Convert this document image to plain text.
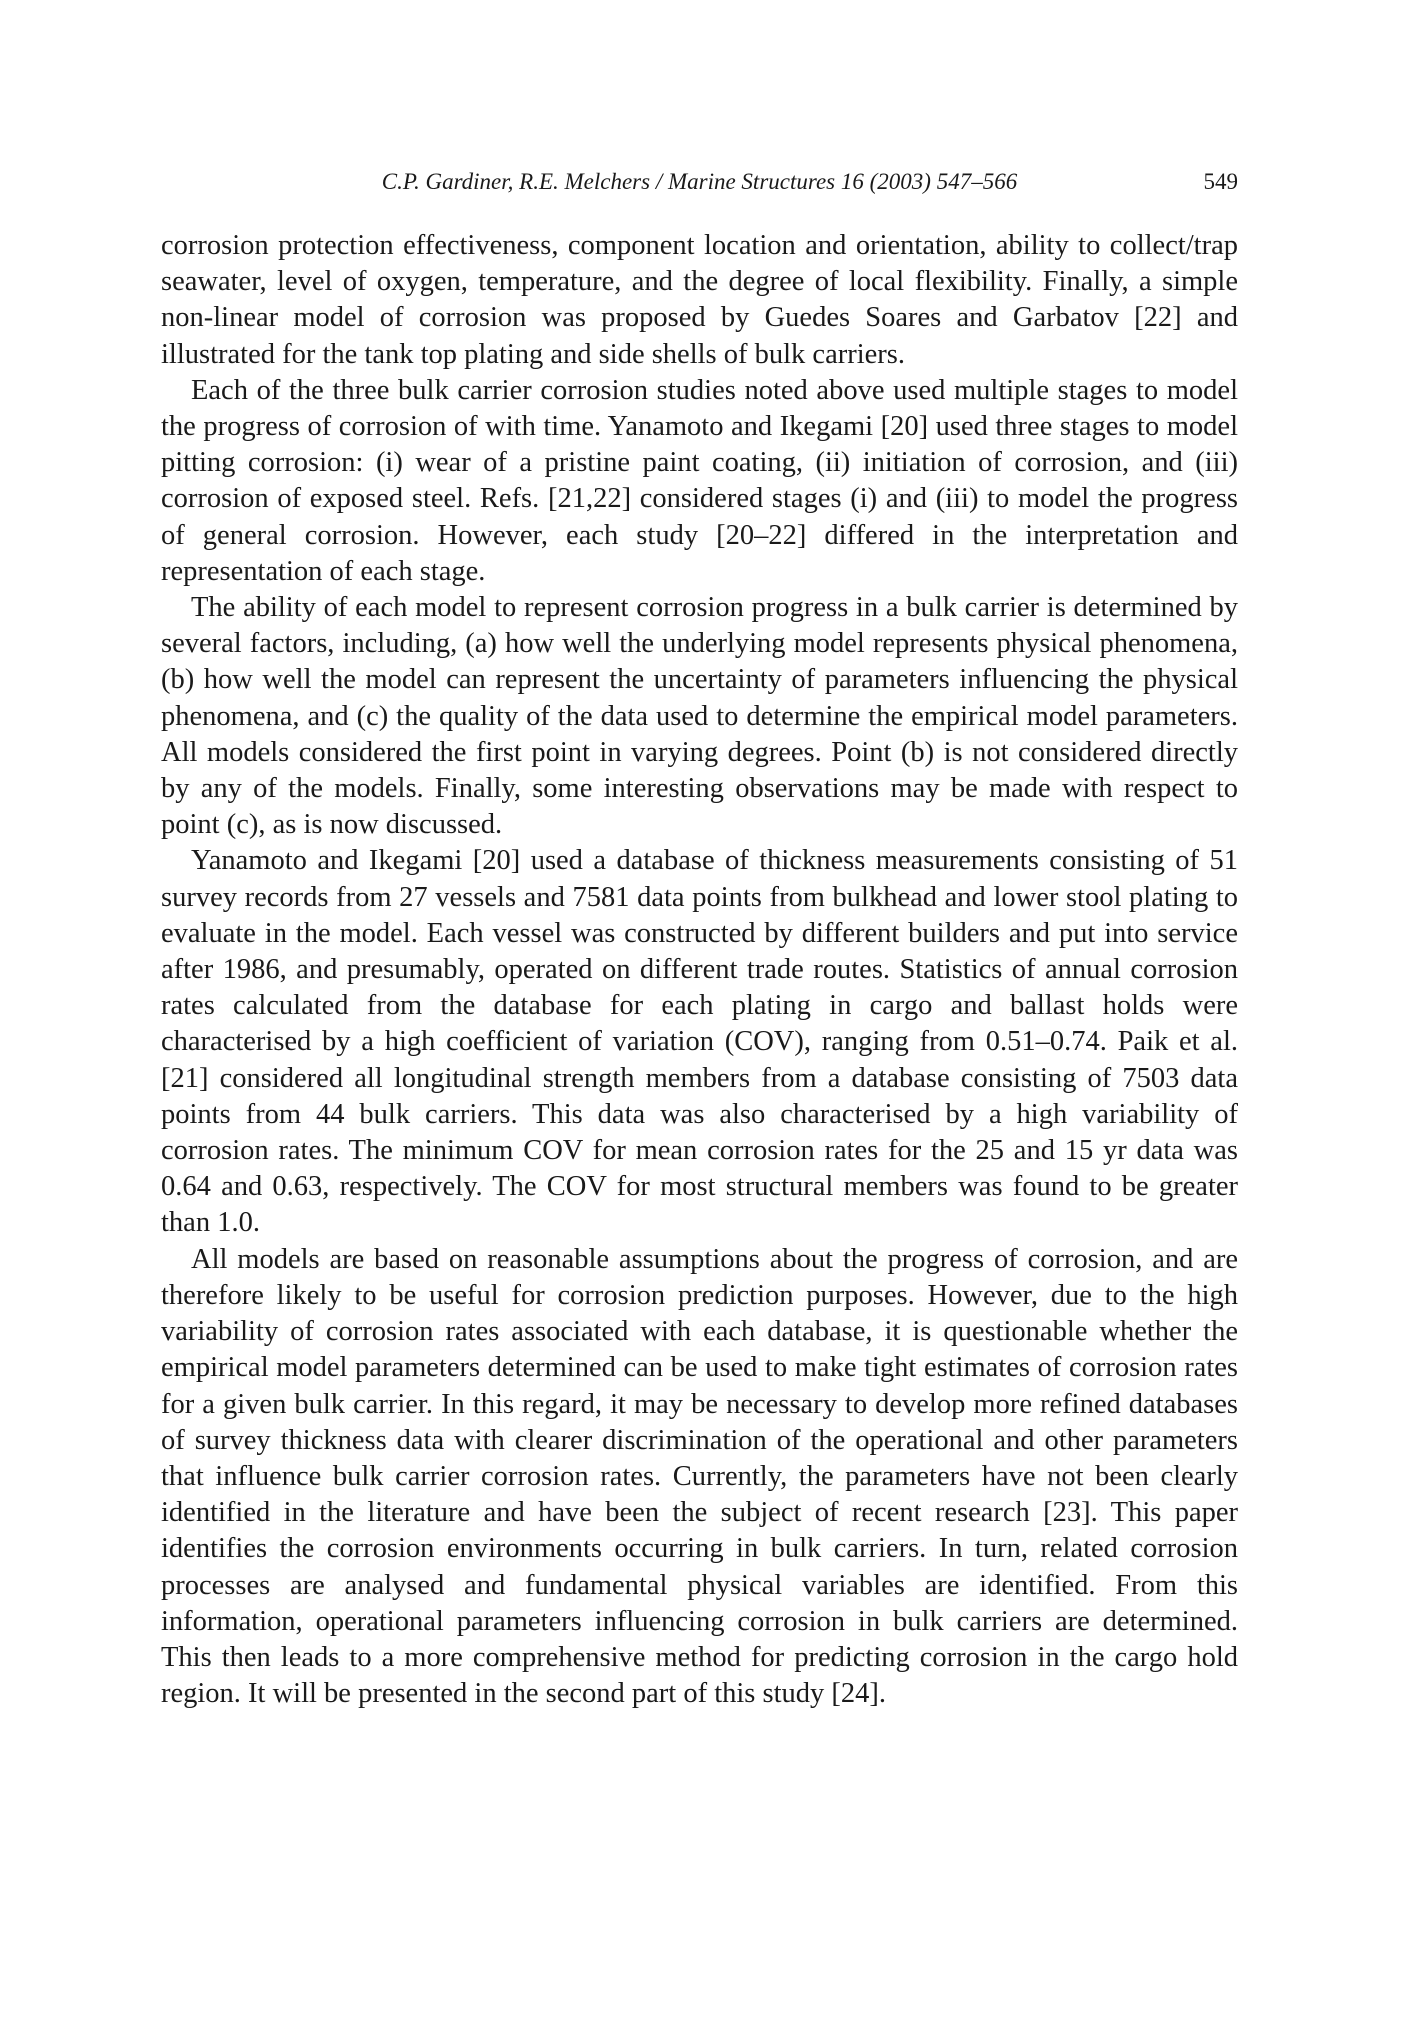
C.P. Gardiner, R.E. Melchers / Marine Structures 16 (2003) 547–566	549

corrosion protection effectiveness, component location and orientation, ability to collect/trap seawater, level of oxygen, temperature, and the degree of local flexibility. Finally, a simple non-linear model of corrosion was proposed by Guedes Soares and Garbatov [22] and illustrated for the tank top plating and side shells of bulk carriers.

Each of the three bulk carrier corrosion studies noted above used multiple stages to model the progress of corrosion of with time. Yanamoto and Ikegami [20] used three stages to model pitting corrosion: (i) wear of a pristine paint coating, (ii) initiation of corrosion, and (iii) corrosion of exposed steel. Refs. [21,22] considered stages (i) and (iii) to model the progress of general corrosion. However, each study [20–22] differed in the interpretation and representation of each stage.

The ability of each model to represent corrosion progress in a bulk carrier is determined by several factors, including, (a) how well the underlying model represents physical phenomena, (b) how well the model can represent the uncertainty of parameters influencing the physical phenomena, and (c) the quality of the data used to determine the empirical model parameters. All models considered the first point in varying degrees. Point (b) is not considered directly by any of the models. Finally, some interesting observations may be made with respect to point (c), as is now discussed.

Yanamoto and Ikegami [20] used a database of thickness measurements consisting of 51 survey records from 27 vessels and 7581 data points from bulkhead and lower stool plating to evaluate in the model. Each vessel was constructed by different builders and put into service after 1986, and presumably, operated on different trade routes. Statistics of annual corrosion rates calculated from the database for each plating in cargo and ballast holds were characterised by a high coefficient of variation (COV), ranging from 0.51–0.74. Paik et al. [21] considered all longitudinal strength members from a database consisting of 7503 data points from 44 bulk carriers. This data was also characterised by a high variability of corrosion rates. The minimum COV for mean corrosion rates for the 25 and 15 yr data was 0.64 and 0.63, respectively. The COV for most structural members was found to be greater than 1.0.

All models are based on reasonable assumptions about the progress of corrosion, and are therefore likely to be useful for corrosion prediction purposes. However, due to the high variability of corrosion rates associated with each database, it is questionable whether the empirical model parameters determined can be used to make tight estimates of corrosion rates for a given bulk carrier. In this regard, it may be necessary to develop more refined databases of survey thickness data with clearer discrimination of the operational and other parameters that influence bulk carrier corrosion rates. Currently, the parameters have not been clearly identified in the literature and have been the subject of recent research [23]. This paper identifies the corrosion environments occurring in bulk carriers. In turn, related corrosion processes are analysed and fundamental physical variables are identified. From this information, operational parameters influencing corrosion in bulk carriers are determined. This then leads to a more comprehensive method for predicting corrosion in the cargo hold region. It will be presented in the second part of this study [24].
